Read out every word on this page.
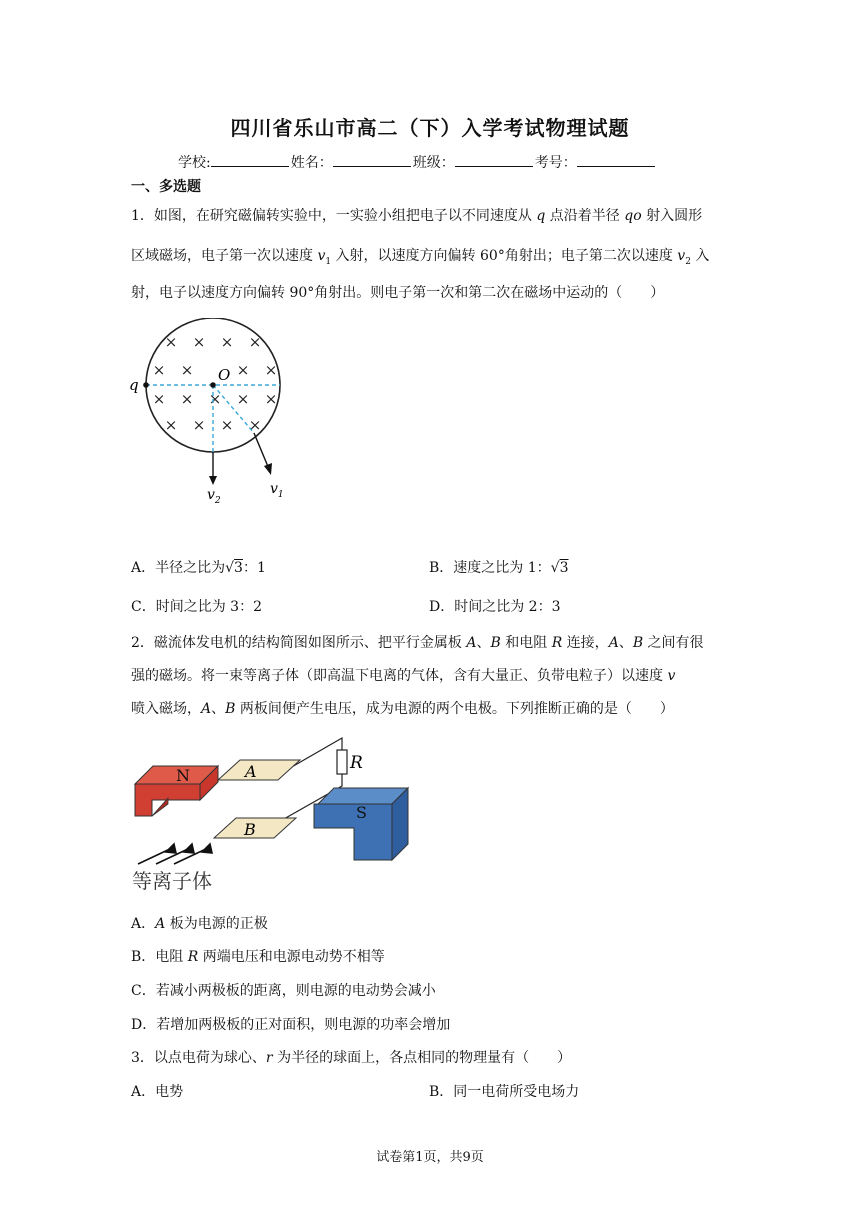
四川省乐山市高二（下）入学考试物理试题
学校:	姓名：	班级：	考号：
一、多选题
1．如图，在研究磁偏转实验中，一实验小组把电子以不同速度从 q 点沿着半径 qo 射入圆形
区域磁场，电子第一次以速度 $v_1$ 入射，以速度方向偏转 60°角射出；电子第二次以速度 $v_2$ 入
射，电子以速度方向偏转 90°角射出。则电子第一次和第二次在磁场中运动的（　　）
× × × ×
× ×	× ×
× × × × ×
× × × ×
q
O
$v_2$
$v_1$
A．半径之比为√3：1	B．速度之比为 1：√3
C．时间之比为 3：2	D．时间之比为 2：3
2．磁流体发电机的结构简图如图所示、把平行金属板 A、B 和电阻 R 连接，A、B 之间有很
强的磁场。将一束等离子体（即高温下电离的气体，含有大量正、负带电粒子）以速度 v
喷入磁场，A、B 两板间便产生电压，成为电源的两个电极。下列推断正确的是（　　）
R
N	A
B
S
等离子体
A．A 板为电源的正极
B．电阻 R 两端电压和电源电动势不相等
C．若减小两极板的距离，则电源的电动势会减小
D．若增加两极板的正对面积，则电源的功率会增加
3．以点电荷为球心、r 为半径的球面上，各点相同的物理量有（　　）
A．电势	B．同一电荷所受电场力
试卷第1页，共9页
